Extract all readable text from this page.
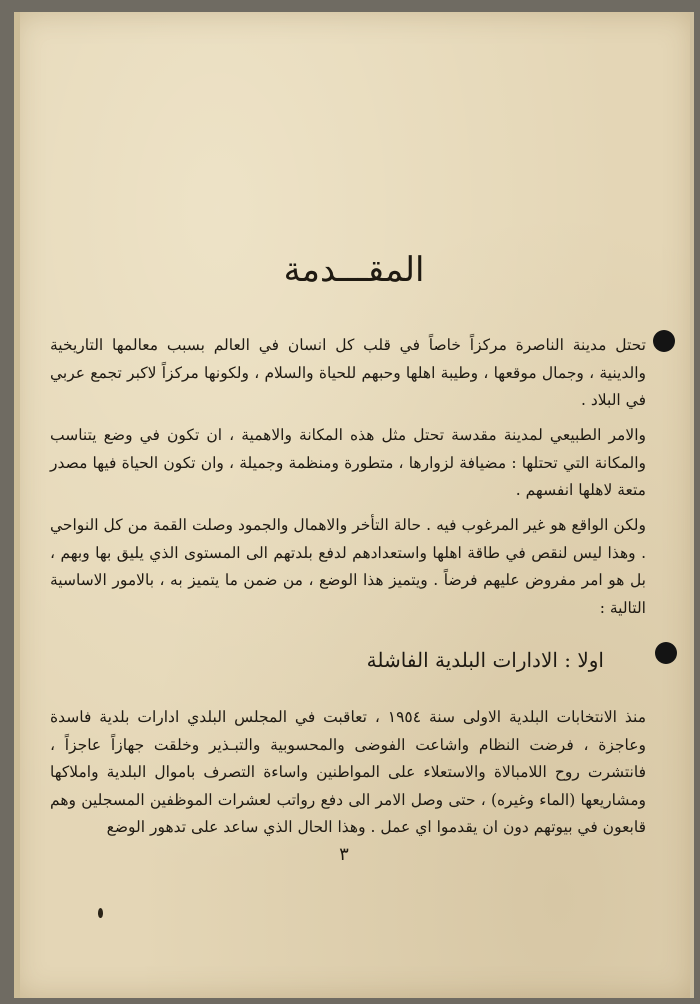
المقـــدمة
تحتل مدينة الناصرة مركزاً خاصاً في قلب كل انسان في العالم بسبب معالمها التاريخية والدينية ، وجمال موقعها ، وطيبة اهلها وحبهم للحياة والسلام ، ولكونها مركزاً لاكبر تجمع عربي في البلاد .
والامر الطبيعي لمدينة مقدسة تحتل مثل هذه المكانة والاهمية ، ان تكون في وضع يتناسب والمكانة التي تحتلها : مضيافة لزوارها ، متطورة ومنظمة وجميلة ، وان تكون الحياة فيها مصدر متعة لاهلها انفسهم .
ولكن الواقع هو غير المرغوب فيه . حالة التأخر والاهمال والجمود وصلت القمة من كل النواحي . وهذا ليس لنقص في طاقة اهلها واستعدادهم لدفع بلدتهم الى المستوى الذي يليق بها وبهم ، بل هو امر مفروض عليهم فرضاً . ويتميز هذا الوضع ، من ضمن ما يتميز به ، بالامور الاساسية التالية :
اولا : الادارات البلدية الفاشلة
منذ الانتخابات البلدية الاولى سنة ١٩٥٤ ، تعاقبت في المجلس البلدي ادارات بلدية فاسدة وعاجزة ، فرضت النظام واشاعت الفوضى والمحسوبية والتبـذير وخلقت جهازاً عاجزاً ، فانتشرت روح اللامبالاة والاستعلاء على المواطنين واساءة التصرف باموال البلدية واملاكها ومشاريعها (الماء وغيره) ، حتى وصل الامر الى دفع رواتب لعشرات الموظفين المسجلين وهم قابعون في بيوتهم دون ان يقدموا اي عمل . وهذا الحال الذي ساعد على تدهور الوضع
٣
